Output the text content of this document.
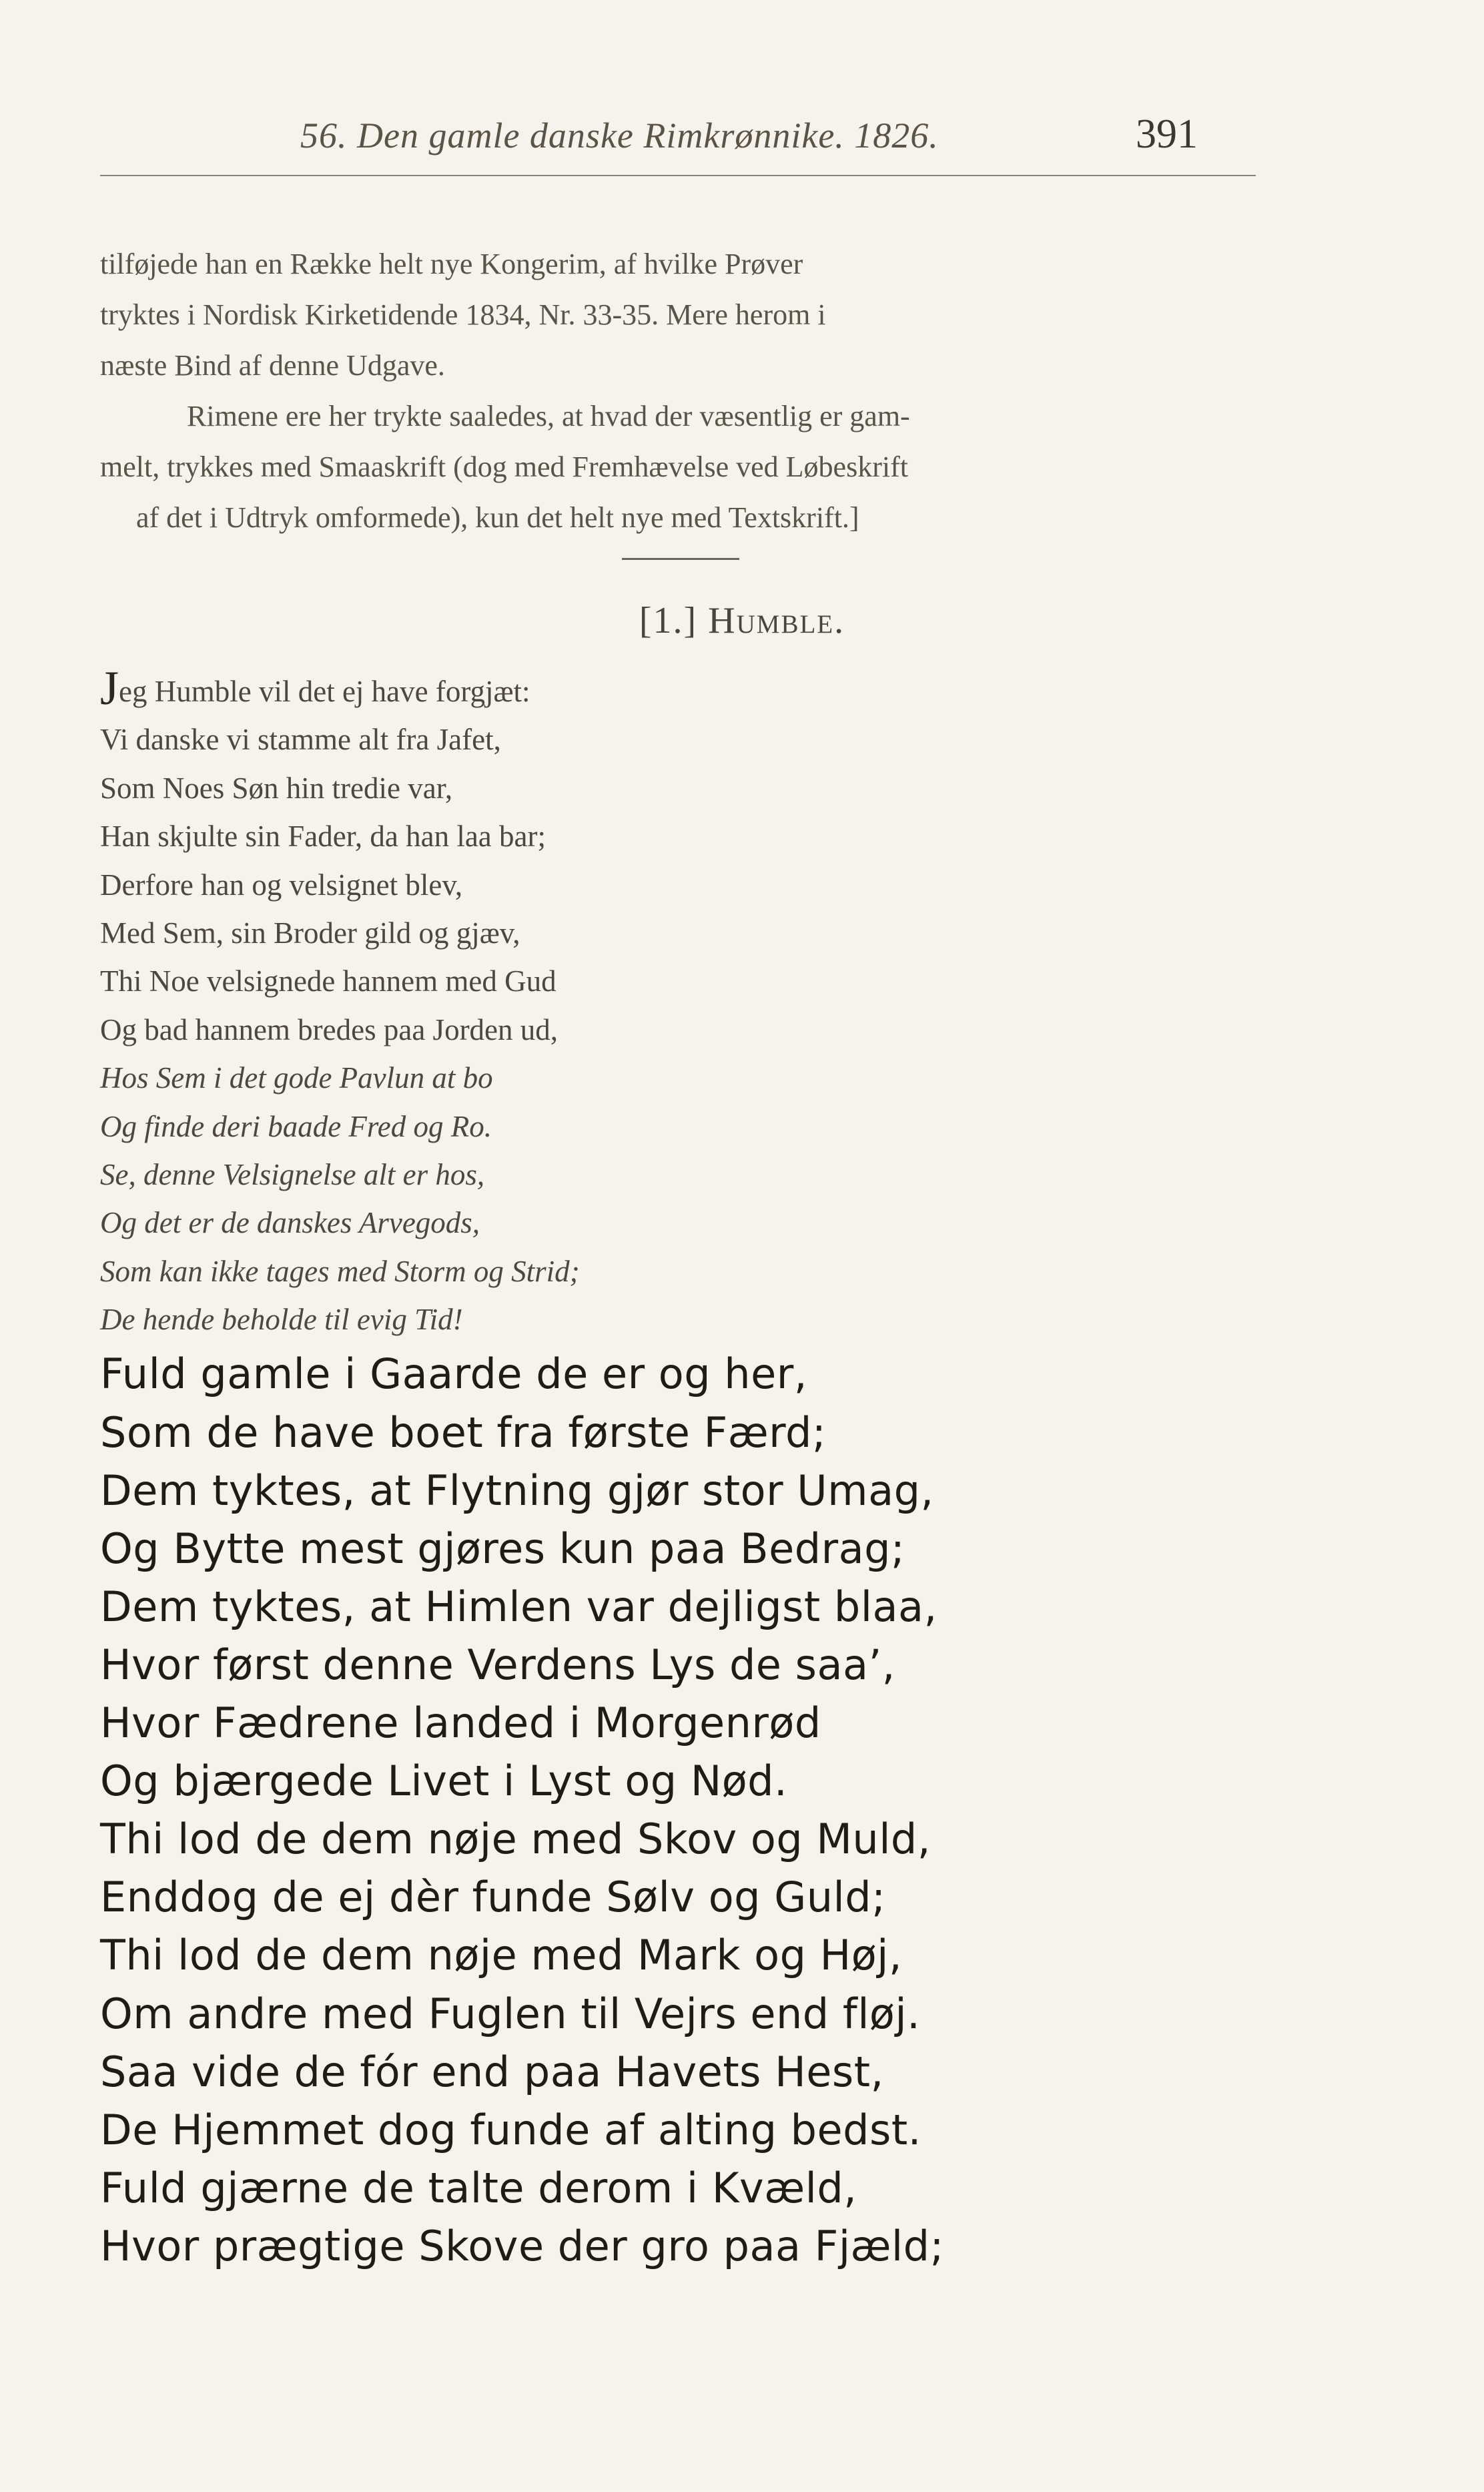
56. Den gamle danske Rimkrønnike. 1826.	391

tilføjede han en Række helt nye Kongerim, af hvilke Prøver

tryktes i Nordisk Kirketidende 1834, Nr. 33-35. Mere herom i

næste Bind af denne Udgave.

Rimene ere her trykte saaledes, at hvad der væsentlig er gam-

melt, trykkes med Smaaskrift (dog med Fremhævelse ved Løbeskrift

af det i Udtryk omformede), kun det helt nye med Textskrift.]

[1.] Humble.
Jeg Humble vil det ej have forgjæt:
Vi danske vi stamme alt fra Jafet,
Som Noes Søn hin tredie var,
Han skjulte sin Fader, da han laa bar;
Derfore han og velsignet blev,
Med Sem, sin Broder gild og gjæv,
Thi Noe velsignede hannem med Gud
Og bad hannem bredes paa Jorden ud,
Hos Sem i det gode Pavlun at bo
Og finde deri baade Fred og Ro.
Se, denne Velsignelse alt er hos,
Og det er de danskes Arvegods,
Som kan ikke tages med Storm og Strid;
De hende beholde til evig Tid!
Fuld gamle i Gaarde de er og her,
Som de have boet fra første Færd;
Dem tyktes, at Flytning gjør stor Umag,
Og Bytte mest gjøres kun paa Bedrag;
Dem tyktes, at Himlen var dejligst blaa,
Hvor først denne Verdens Lys de saa’,
Hvor Fædrene landed i Morgenrød
Og bjærgede Livet i Lyst og Nød.
Thi lod de dem nøje med Skov og Muld,
Enddog de ej dèr funde Sølv og Guld;
Thi lod de dem nøje med Mark og Høj,
Om andre med Fuglen til Vejrs end fløj.
Saa vide de fór end paa Havets Hest,
De Hjemmet dog funde af alting bedst.
Fuld gjærne de talte derom i Kvæld,
Hvor prægtige Skove der gro paa Fjæld;
